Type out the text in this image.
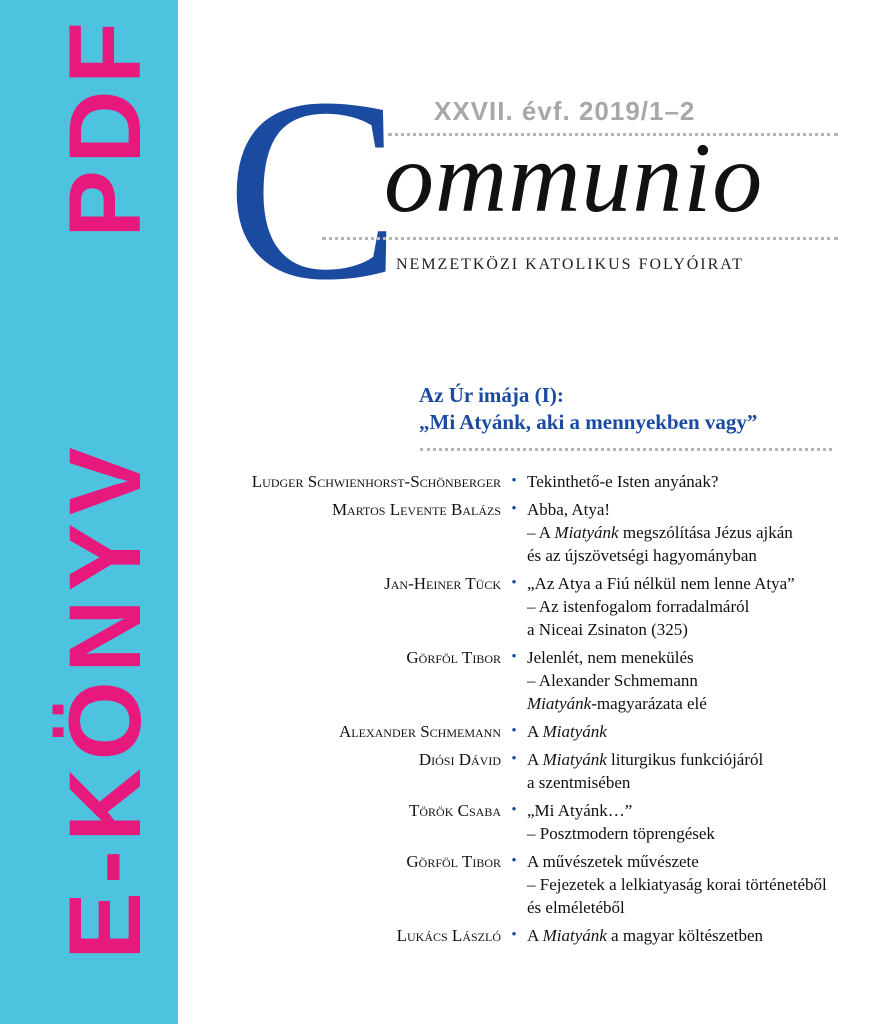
PDF
E-KÖNYV
C XXVII. évf. 2019/1–2
ommunio
NEMZETKÖZI KATOLIKUS FOLYÓIRAT
Az Úr imája (I):
„Mi Atyánk, aki a mennyekben vagy”
Ludger Schwienhorst-Schönberger • Tekinthető-e Isten anyának?
Martos Levente Balázs • Abba, Atya!
– A Miatyánk megszólítása Jézus ajkán
és az újszövetségi hagyományban
Jan-Heiner Tück • „Az Atya a Fiú nélkül nem lenne Atya”
– Az istenfogalom forradalmáról
a Niceai Zsinaton (325)
Görföl Tibor • Jelenlét, nem menekülés
– Alexander Schmemann
Miatyánk-magyarázata elé
Alexander Schmemann • A Miatyánk
Diósi Dávid • A Miatyánk liturgikus funkciójáról
a szentmisében
Török Csaba • „Mi Atyánk…”
– Posztmodern töprengések
Görföl Tibor • A művészetek művészete
– Fejezetek a lelkiatyaság korai történetéből
és elméletéből
Lukács László • A Miatyánk a magyar költészetben
